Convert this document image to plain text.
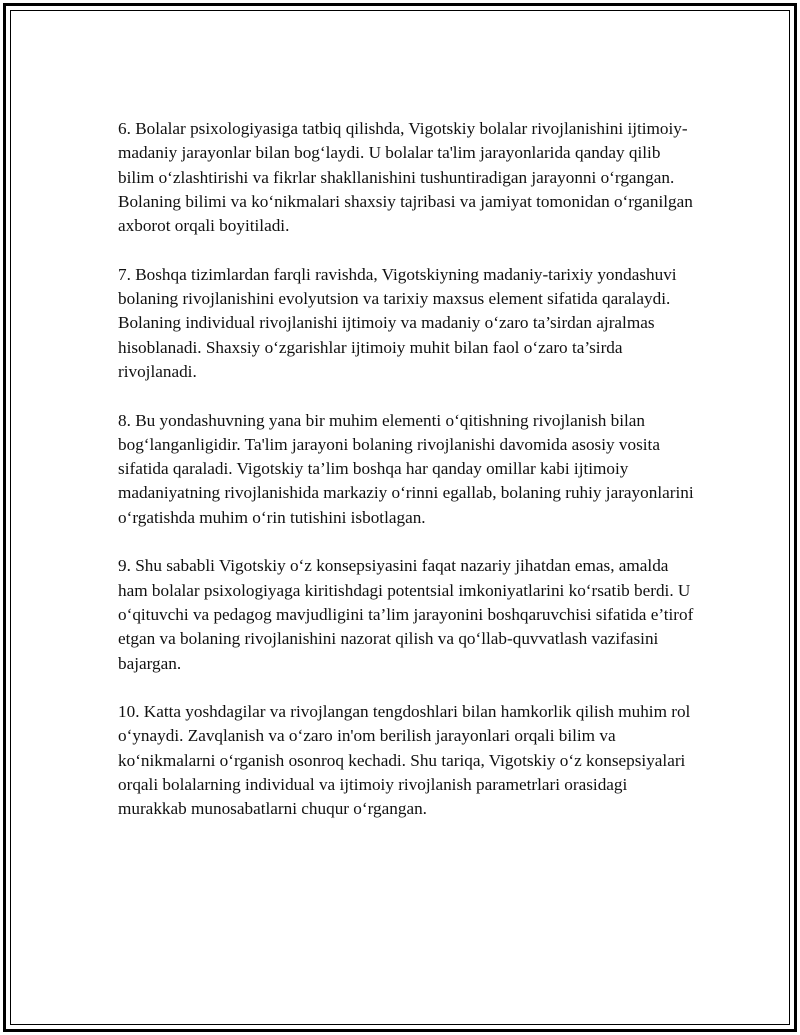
6. Bolalar psixologiyasiga tatbiq qilishda, Vigotskiy bolalar rivojlanishini ijtimoiy-madaniy jarayonlar bilan bog‘laydi. U bolalar ta'lim jarayonlarida qanday qilib bilim o‘zlashtirishi va fikrlar shakllanishini tushuntiradigan jarayonni o‘rgangan. Bolaning bilimi va ko‘nikmalari shaxsiy tajribasi va jamiyat tomonidan o‘rganilgan axborot orqali boyitiladi.

7. Boshqa tizimlardan farqli ravishda, Vigotskiyning madaniy-tarixiy yondashuvi bolaning rivojlanishini evolyutsion va tarixiy maxsus element sifatida qaralaydi. Bolaning individual rivojlanishi ijtimoiy va madaniy o‘zaro ta’sirdan ajralmas hisoblanadi. Shaxsiy o‘zgarishlar ijtimoiy muhit bilan faol o‘zaro ta’sirda rivojlanadi.

8. Bu yondashuvning yana bir muhim elementi o‘qitishning rivojlanish bilan bog‘langanligidir. Ta'lim jarayoni bolaning rivojlanishi davomida asosiy vosita sifatida qaraladi. Vigotskiy ta’lim boshqa har qanday omillar kabi ijtimoiy madaniyatning rivojlanishida markaziy o‘rinni egallab, bolaning ruhiy jarayonlarini o‘rgatishda muhim o‘rin tutishini isbotlagan.

9. Shu sababli Vigotskiy o‘z konsepsiyasini faqat nazariy jihatdan emas, amalda ham bolalar psixologiyaga kiritishdagi potentsial imkoniyatlarini ko‘rsatib berdi. U o‘qituvchi va pedagog mavjudligini ta’lim jarayonini boshqaruvchisi sifatida e’tirof etgan va bolaning rivojlanishini nazorat qilish va qo‘llab-quvvatlash vazifasini bajargan.

10. Katta yoshdagilar va rivojlangan tengdoshlari bilan hamkorlik qilish muhim rol o‘ynaydi. Zavqlanish va o‘zaro in'om berilish jarayonlari orqali bilim va ko‘nikmalarni o‘rganish osonroq kechadi. Shu tariqa, Vigotskiy o‘z konsepsiyalari orqali bolalarning individual va ijtimoiy rivojlanish parametrlari orasidagi murakkab munosabatlarni chuqur o‘rgangan.
